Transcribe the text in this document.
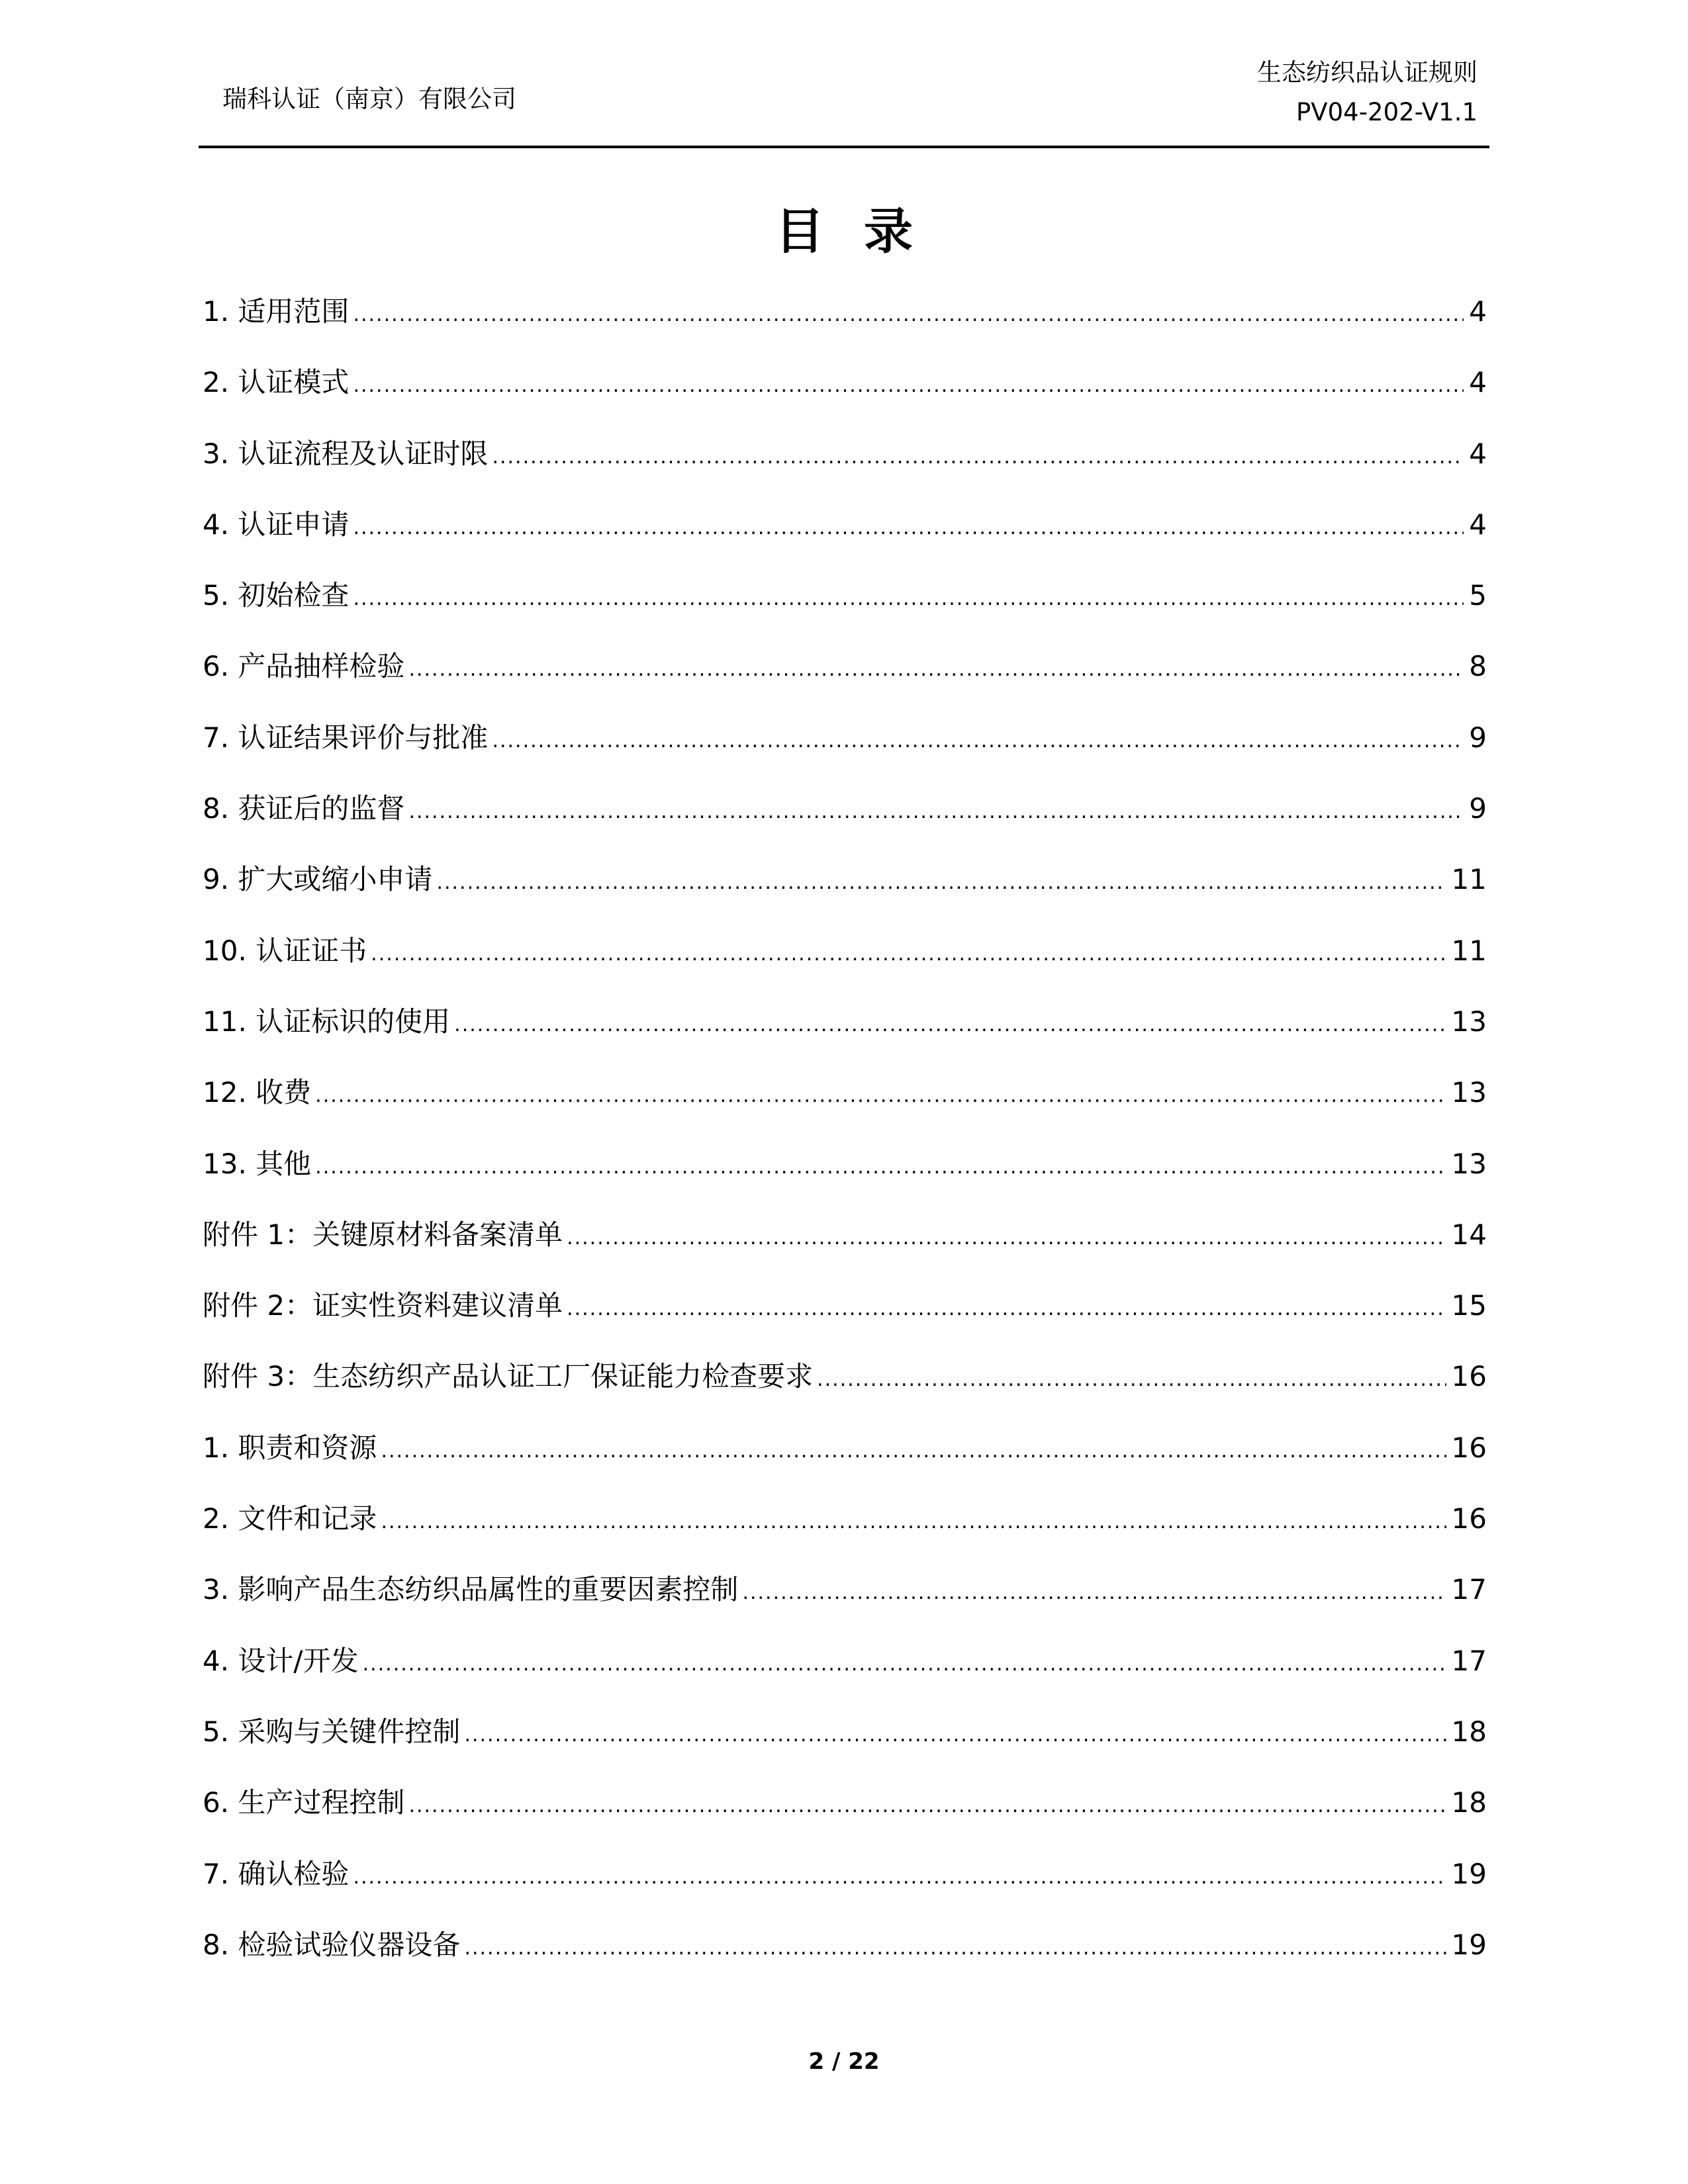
瑞科认证（南京）有限公司
生态纺织品认证规则
PV04-202-V1.1
目录
1. 适用范围 .....	4
2. 认证模式 .....	4
3. 认证流程及认证时限 .....	4
4. 认证申请 .....	4
5. 初始检查 .....	5
6. 产品抽样检验 .....	8
7. 认证结果评价与批准 .....	9
8. 获证后的监督 .....	9
9. 扩大或缩小申请 .....	11
10. 认证证书 .....	11
11. 认证标识的使用 .....	13
12. 收费 .....	13
13. 其他 .....	13
附件 1：关键原材料备案清单 .....	14
附件 2：证实性资料建议清单 .....	15
附件 3：生态纺织产品认证工厂保证能力检查要求 .....	16
1. 职责和资源 .....	16
2. 文件和记录 .....	16
3. 影响产品生态纺织品属性的重要因素控制 .....	17
4. 设计/开发 .....	17
5. 采购与关键件控制 .....	18
6. 生产过程控制 .....	18
7. 确认检验 .....	19
8. 检验试验仪器设备 .....	19
2 / 22
